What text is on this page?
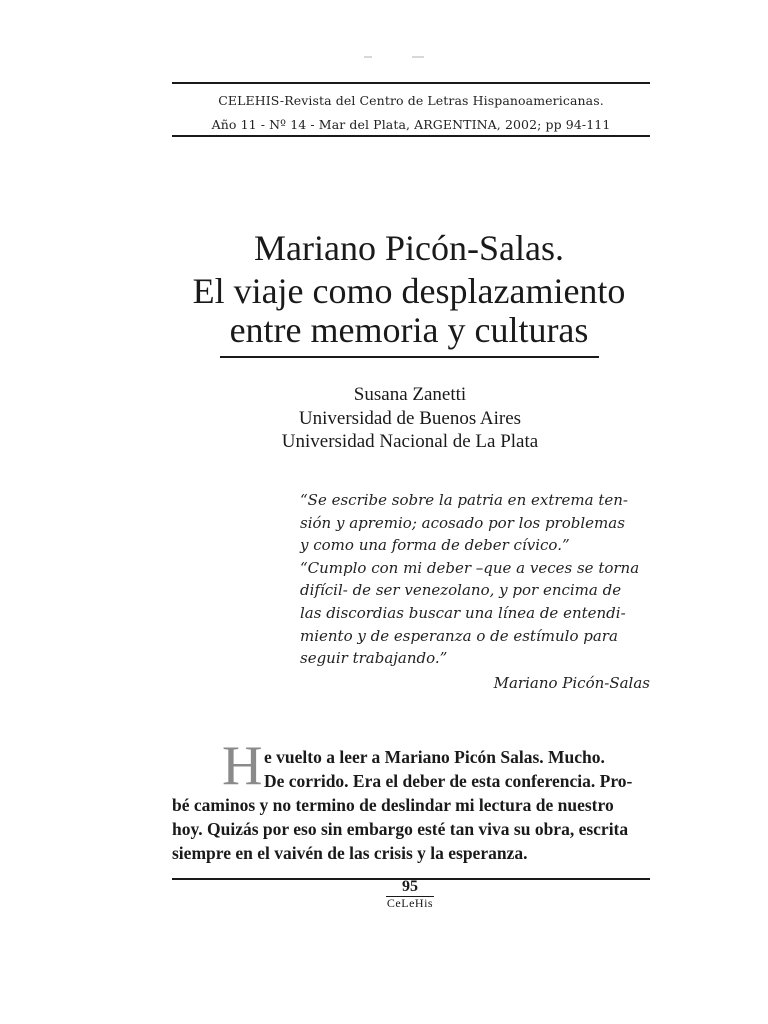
CELEHIS-Revista del Centro de Letras Hispanoamericanas.
Año 11 - Nº 14 - Mar del Plata, ARGENTINA, 2002; pp 94-111
Mariano Picón-Salas.
El viaje como desplazamiento
entre memoria y culturas
Susana Zanetti
Universidad de Buenos Aires
Universidad Nacional de La Plata
“Se escribe sobre la patria en extrema ten-
sión y apremio; acosado por los problemas
y como una forma de deber cívico.”
“Cumplo con mi deber –que a veces se torna
difícil- de ser venezolano, y por encima de
las discordias buscar una línea de entendi-
miento y de esperanza o de estímulo para
seguir trabajando.”
Mariano Picón-Salas
H e vuelto a leer a Mariano Picón Salas. Mucho.
De corrido. Era el deber de esta conferencia. Pro-
bé caminos y no termino de deslindar mi lectura de nuestro
hoy. Quizás por eso sin embargo esté tan viva su obra, escrita
siempre en el vaivén de las crisis y la esperanza.
95
CeLeHis
